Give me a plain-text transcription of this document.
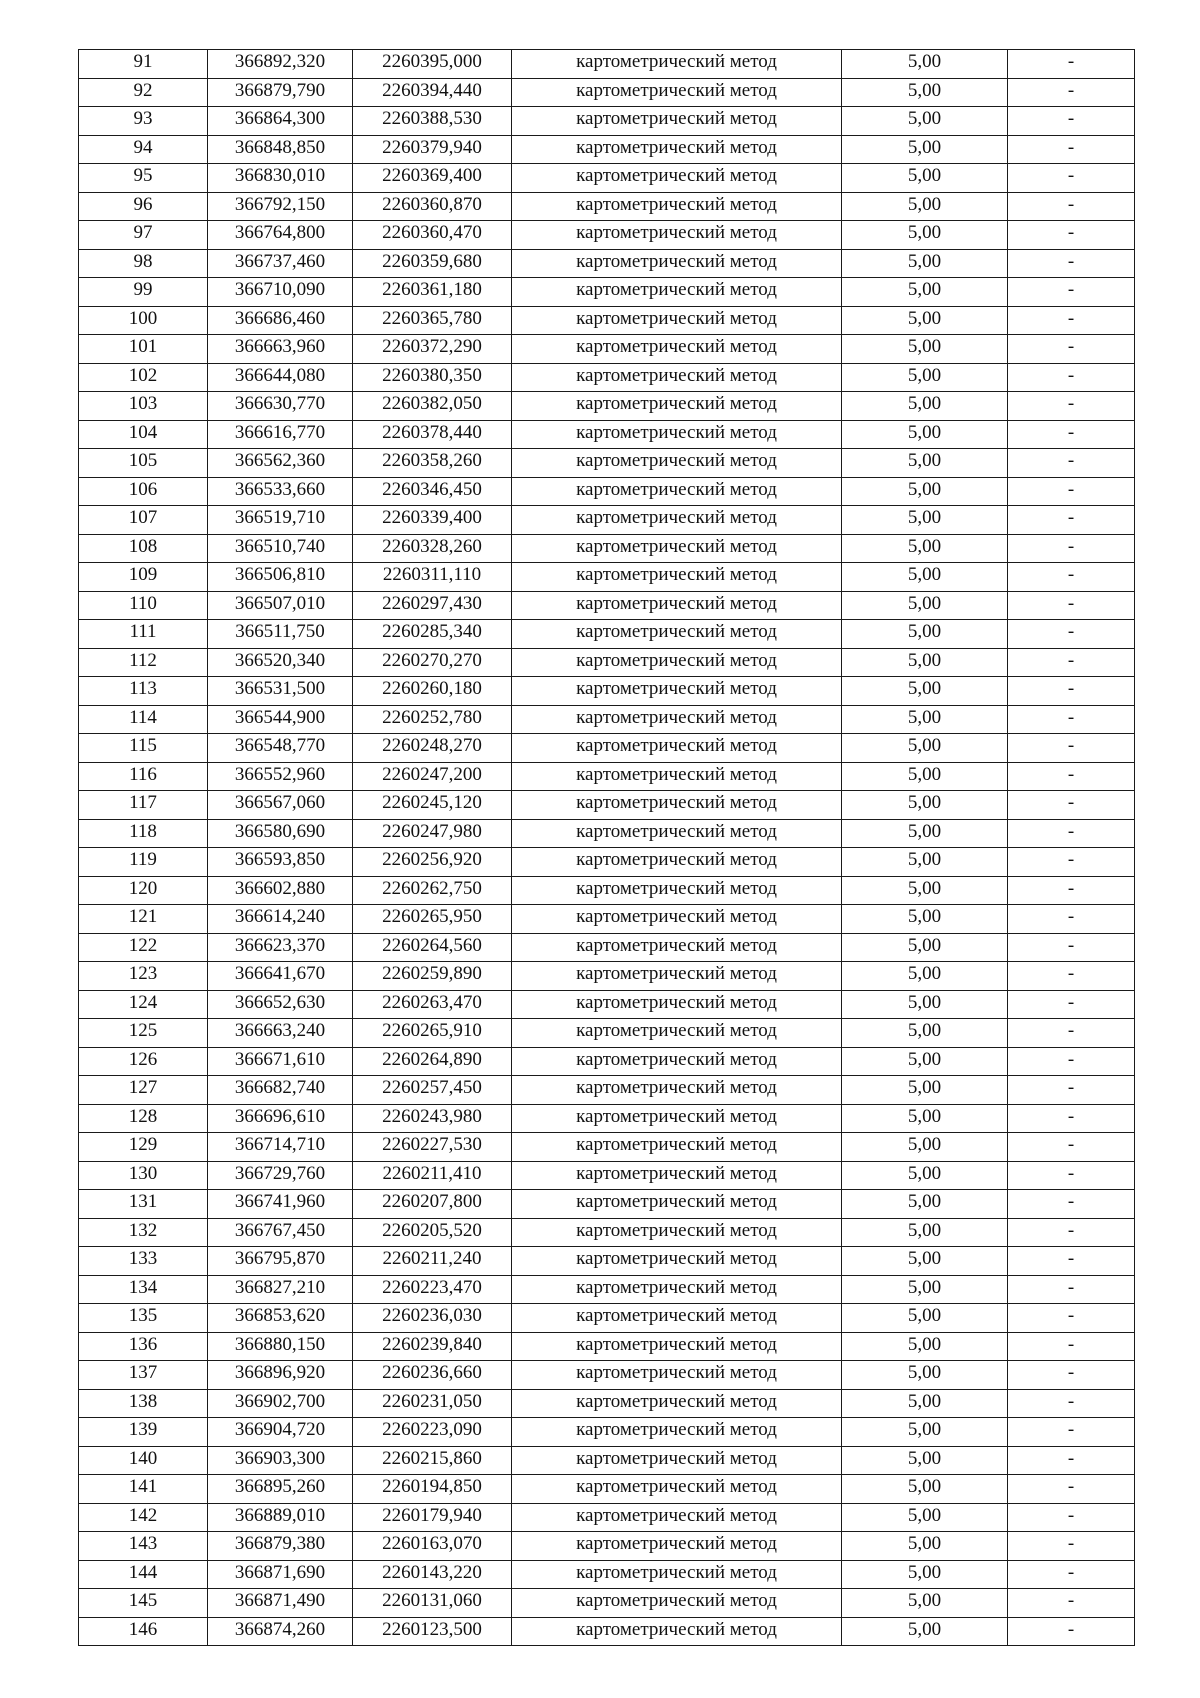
91	366892,320	2260395,000	картометрический метод	5,00	-
92	366879,790	2260394,440	картометрический метод	5,00	-
93	366864,300	2260388,530	картометрический метод	5,00	-
94	366848,850	2260379,940	картометрический метод	5,00	-
95	366830,010	2260369,400	картометрический метод	5,00	-
96	366792,150	2260360,870	картометрический метод	5,00	-
97	366764,800	2260360,470	картометрический метод	5,00	-
98	366737,460	2260359,680	картометрический метод	5,00	-
99	366710,090	2260361,180	картометрический метод	5,00	-
100	366686,460	2260365,780	картометрический метод	5,00	-
101	366663,960	2260372,290	картометрический метод	5,00	-
102	366644,080	2260380,350	картометрический метод	5,00	-
103	366630,770	2260382,050	картометрический метод	5,00	-
104	366616,770	2260378,440	картометрический метод	5,00	-
105	366562,360	2260358,260	картометрический метод	5,00	-
106	366533,660	2260346,450	картометрический метод	5,00	-
107	366519,710	2260339,400	картометрический метод	5,00	-
108	366510,740	2260328,260	картометрический метод	5,00	-
109	366506,810	2260311,110	картометрический метод	5,00	-
110	366507,010	2260297,430	картометрический метод	5,00	-
111	366511,750	2260285,340	картометрический метод	5,00	-
112	366520,340	2260270,270	картометрический метод	5,00	-
113	366531,500	2260260,180	картометрический метод	5,00	-
114	366544,900	2260252,780	картометрический метод	5,00	-
115	366548,770	2260248,270	картометрический метод	5,00	-
116	366552,960	2260247,200	картометрический метод	5,00	-
117	366567,060	2260245,120	картометрический метод	5,00	-
118	366580,690	2260247,980	картометрический метод	5,00	-
119	366593,850	2260256,920	картометрический метод	5,00	-
120	366602,880	2260262,750	картометрический метод	5,00	-
121	366614,240	2260265,950	картометрический метод	5,00	-
122	366623,370	2260264,560	картометрический метод	5,00	-
123	366641,670	2260259,890	картометрический метод	5,00	-
124	366652,630	2260263,470	картометрический метод	5,00	-
125	366663,240	2260265,910	картометрический метод	5,00	-
126	366671,610	2260264,890	картометрический метод	5,00	-
127	366682,740	2260257,450	картометрический метод	5,00	-
128	366696,610	2260243,980	картометрический метод	5,00	-
129	366714,710	2260227,530	картометрический метод	5,00	-
130	366729,760	2260211,410	картометрический метод	5,00	-
131	366741,960	2260207,800	картометрический метод	5,00	-
132	366767,450	2260205,520	картометрический метод	5,00	-
133	366795,870	2260211,240	картометрический метод	5,00	-
134	366827,210	2260223,470	картометрический метод	5,00	-
135	366853,620	2260236,030	картометрический метод	5,00	-
136	366880,150	2260239,840	картометрический метод	5,00	-
137	366896,920	2260236,660	картометрический метод	5,00	-
138	366902,700	2260231,050	картометрический метод	5,00	-
139	366904,720	2260223,090	картометрический метод	5,00	-
140	366903,300	2260215,860	картометрический метод	5,00	-
141	366895,260	2260194,850	картометрический метод	5,00	-
142	366889,010	2260179,940	картометрический метод	5,00	-
143	366879,380	2260163,070	картометрический метод	5,00	-
144	366871,690	2260143,220	картометрический метод	5,00	-
145	366871,490	2260131,060	картометрический метод	5,00	-
146	366874,260	2260123,500	картометрический метод	5,00	-
